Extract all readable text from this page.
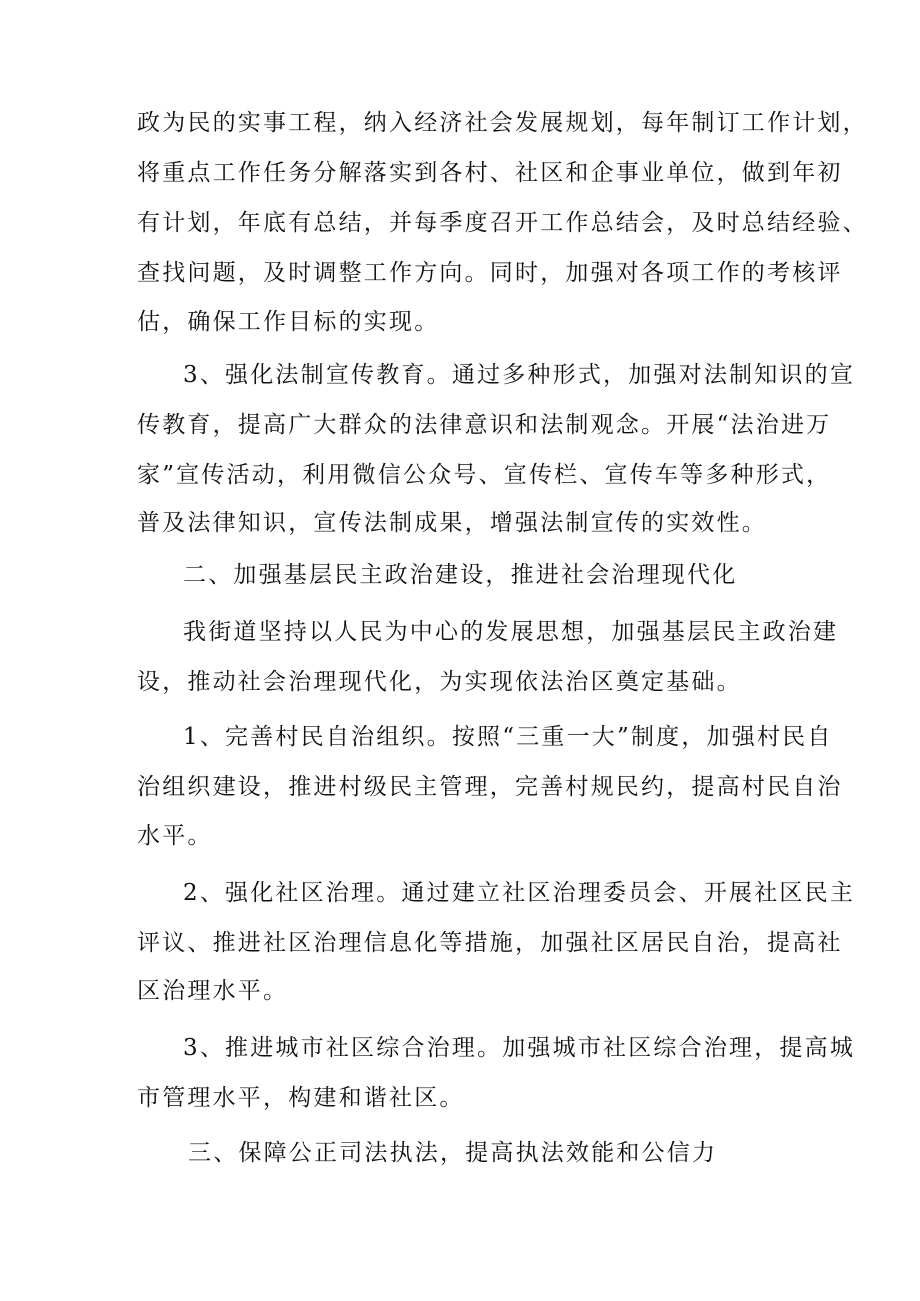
政为民的实事工程，纳入经济社会发展规划，每年制订工作计划，
将重点工作任务分解落实到各村、社区和企事业单位，做到年初
有计划，年底有总结，并每季度召开工作总结会，及时总结经验、
查找问题，及时调整工作方向。同时，加强对各项工作的考核评
估，确保工作目标的实现。
3、强化法制宣传教育。通过多种形式，加强对法制知识的宣
传教育，提高广大群众的法律意识和法制观念。开展“法治进万
家”宣传活动，利用微信公众号、宣传栏、宣传车等多种形式，
普及法律知识，宣传法制成果，增强法制宣传的实效性。
二、加强基层民主政治建设，推进社会治理现代化
我街道坚持以人民为中心的发展思想，加强基层民主政治建
设，推动社会治理现代化，为实现依法治区奠定基础。
1、完善村民自治组织。按照“三重一大”制度，加强村民自
治组织建设，推进村级民主管理，完善村规民约，提高村民自治
水平。
2、强化社区治理。通过建立社区治理委员会、开展社区民主
评议、推进社区治理信息化等措施，加强社区居民自治，提高社
区治理水平。
3、推进城市社区综合治理。加强城市社区综合治理，提高城
市管理水平，构建和谐社区。
三、保障公正司法执法，提高执法效能和公信力
